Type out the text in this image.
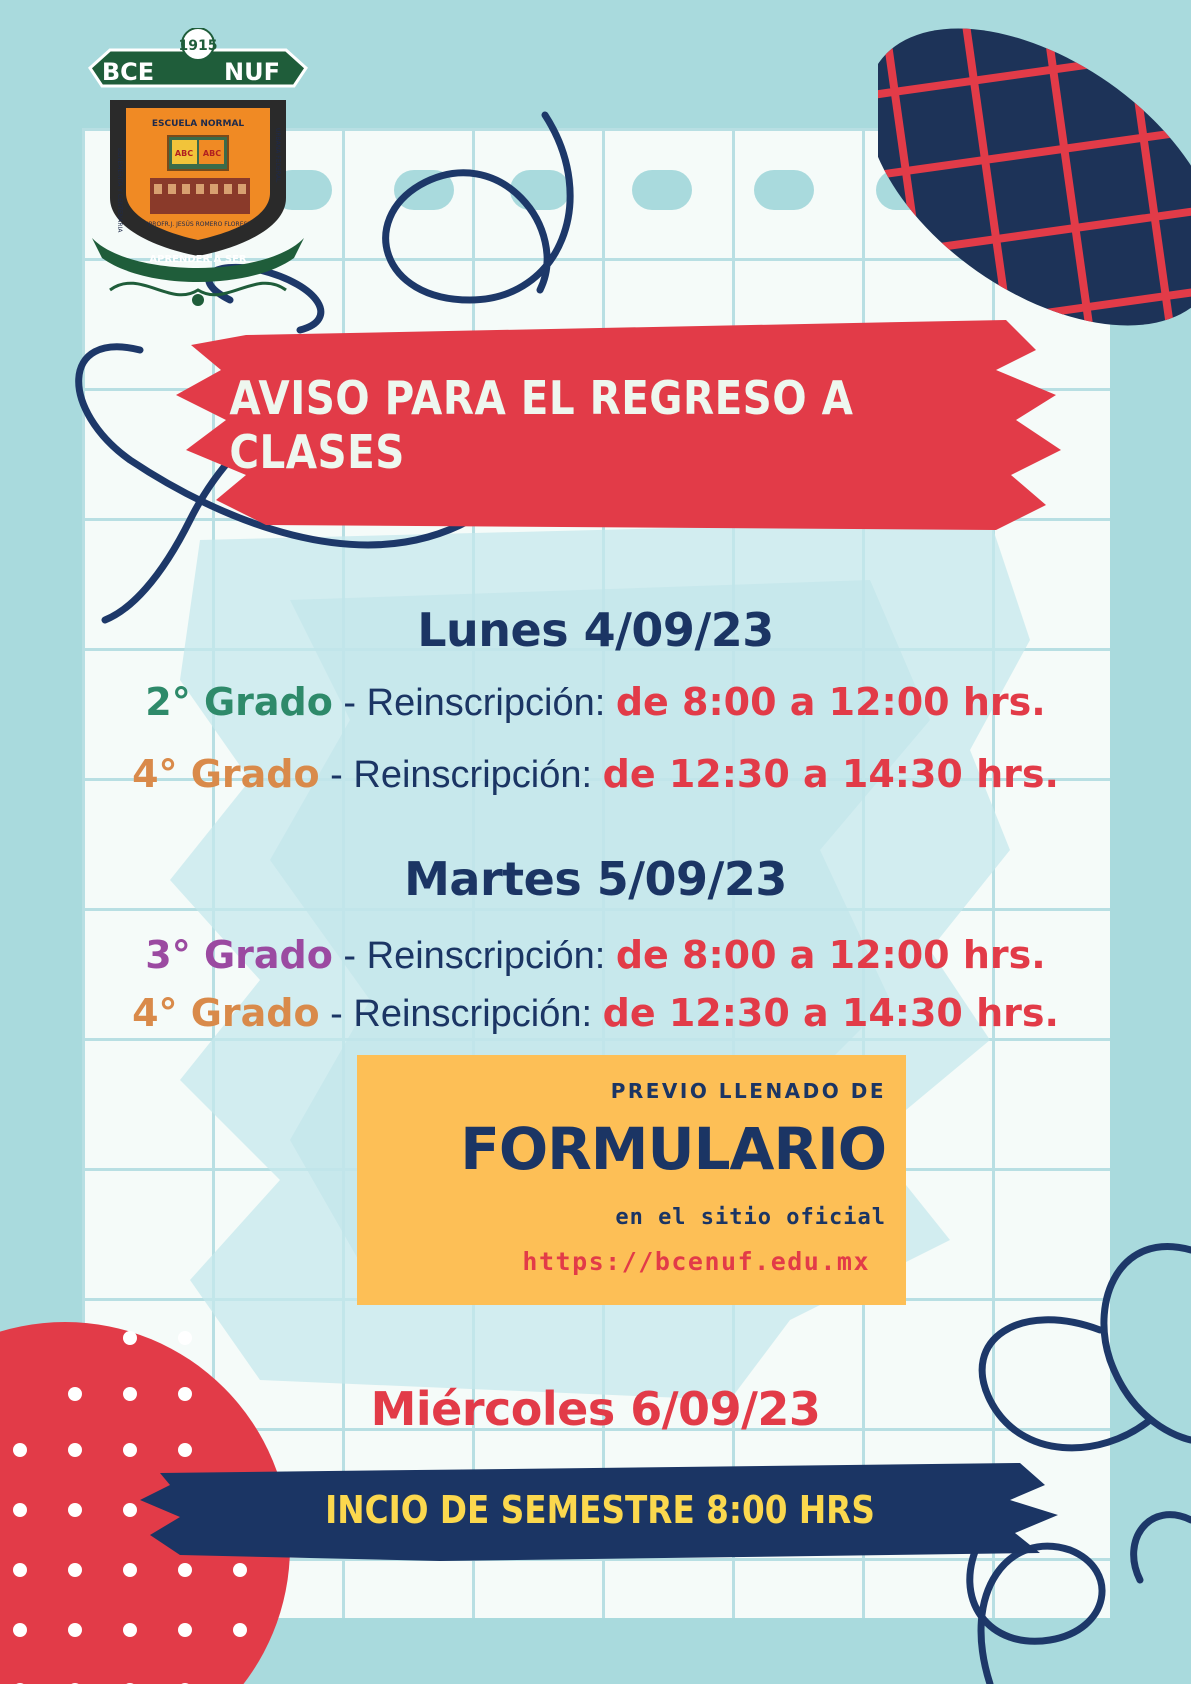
1915
BCE	NUF
ESCUELA NORMAL
ABC ABC
"PROFR.J. JESÚS ROMERO FLORES"
BENEMÉRITA Y CENTENARIA	URBANA FEDERAL
APRENDER A SER
AVISO PARA EL REGRESO A CLASES
Lunes 4/09/23
2° Grado - Reinscripción: de 8:00 a 12:00 hrs.
4° Grado - Reinscripción: de 12:30 a 14:30 hrs.
Martes 5/09/23
3° Grado - Reinscripción: de 8:00 a 12:00 hrs.
4° Grado - Reinscripción: de 12:30 a 14:30 hrs.
PREVIO LLENADO DE
FORMULARIO
en el sitio oficial
https://bcenuf.edu.mx
Miércoles 6/09/23
INCIO DE SEMESTRE 8:00 HRS
